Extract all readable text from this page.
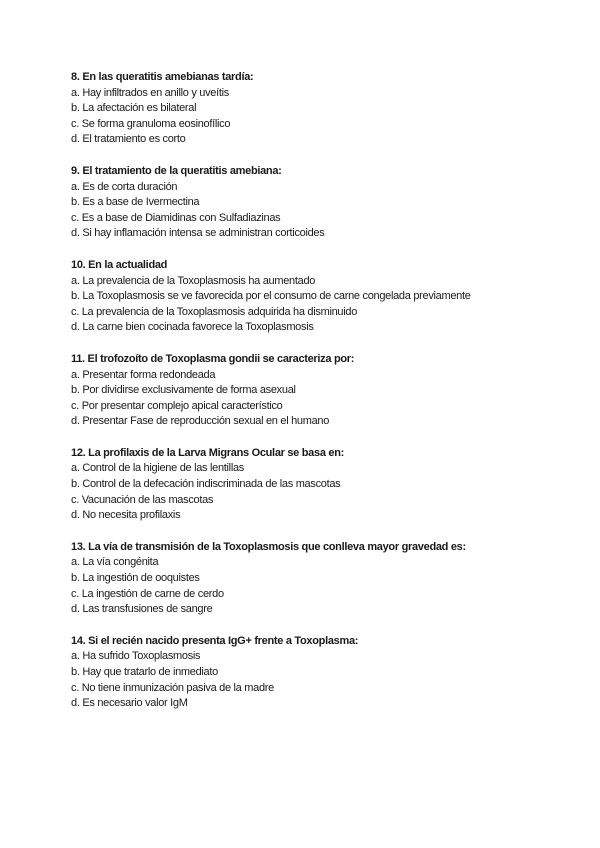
8. En las queratitis amebianas tardía:
a. Hay infiltrados en anillo y uveítis
b. La afectación es bilateral
c. Se forma granuloma eosinofílico
d. El tratamiento es corto
9. El tratamiento de la queratitis amebiana:
a. Es de corta duración
b. Es a base de Ivermectina
c. Es a base de Diamidinas con Sulfadiazinas
d. Si hay inflamación intensa se administran corticoides
10. En la actualidad
a. La prevalencia de la Toxoplasmosis ha aumentado
b. La Toxoplasmosis se ve favorecida por el consumo de carne congelada previamente
c. La prevalencia de la Toxoplasmosis adquirida ha disminuido
d. La carne bien cocinada favorece la Toxoplasmosis
11. El trofozoíto de Toxoplasma gondii se caracteriza por:
a. Presentar forma redondeada
b. Por dividirse exclusivamente de forma asexual
c. Por presentar complejo apical característico
d. Presentar Fase de reproducción sexual en el humano
12. La profilaxis de la Larva Migrans Ocular se basa en:
a. Control de la higiene de las lentillas
b. Control de la defecación indiscriminada de las mascotas
c. Vacunación de las mascotas
d. No necesita profilaxis
13. La vía de transmisión de la Toxoplasmosis que conlleva mayor gravedad es:
a. La vía congénita
b. La ingestión de ooquistes
c. La ingestión de carne de cerdo
d. Las transfusiones de sangre
14. Si el recién nacido presenta IgG+ frente a Toxoplasma:
a. Ha sufrido Toxoplasmosis
b. Hay que tratarlo de inmediato
c. No tiene inmunización pasiva de la madre
d. Es necesario valor IgM
